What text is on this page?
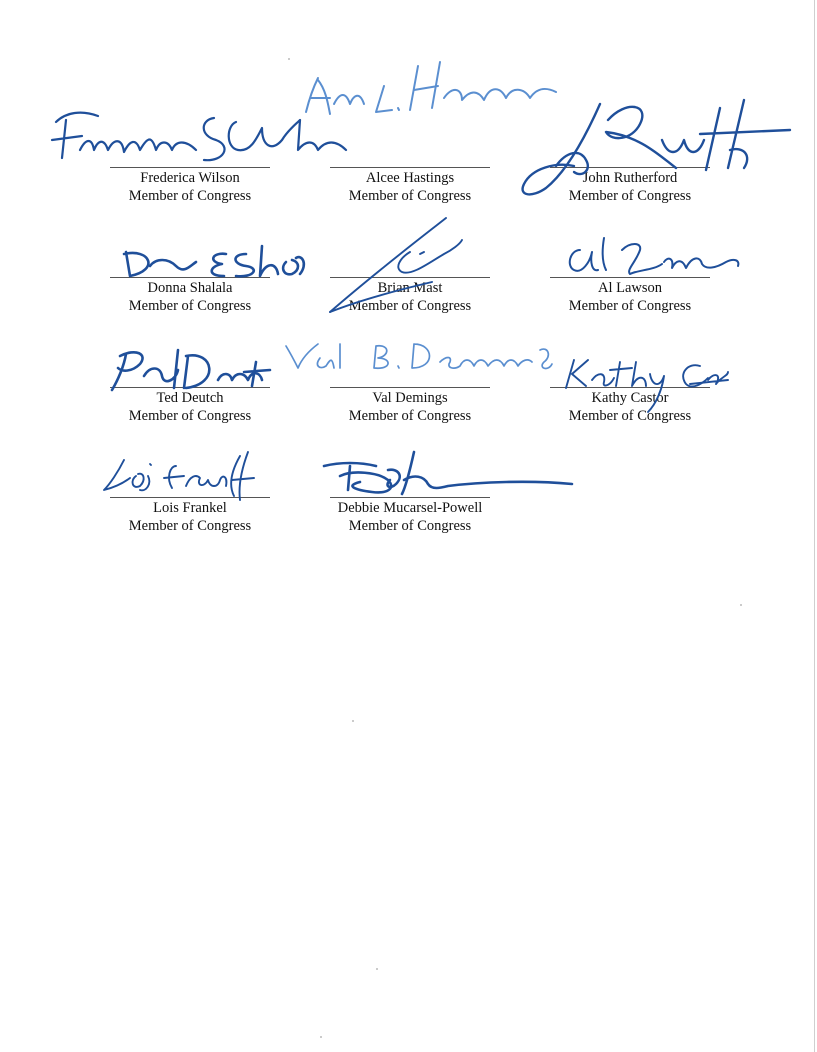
Frederica Wilson
Member of Congress
Alcee Hastings
Member of Congress
John Rutherford
Member of Congress
Donna Shalala
Member of Congress
Brian Mast
Member of Congress
Al Lawson
Member of Congress
Ted Deutch
Member of Congress
Val Demings
Member of Congress
Kathy Castor
Member of Congress
Lois Frankel
Member of Congress
Debbie Mucarsel-Powell
Member of Congress
